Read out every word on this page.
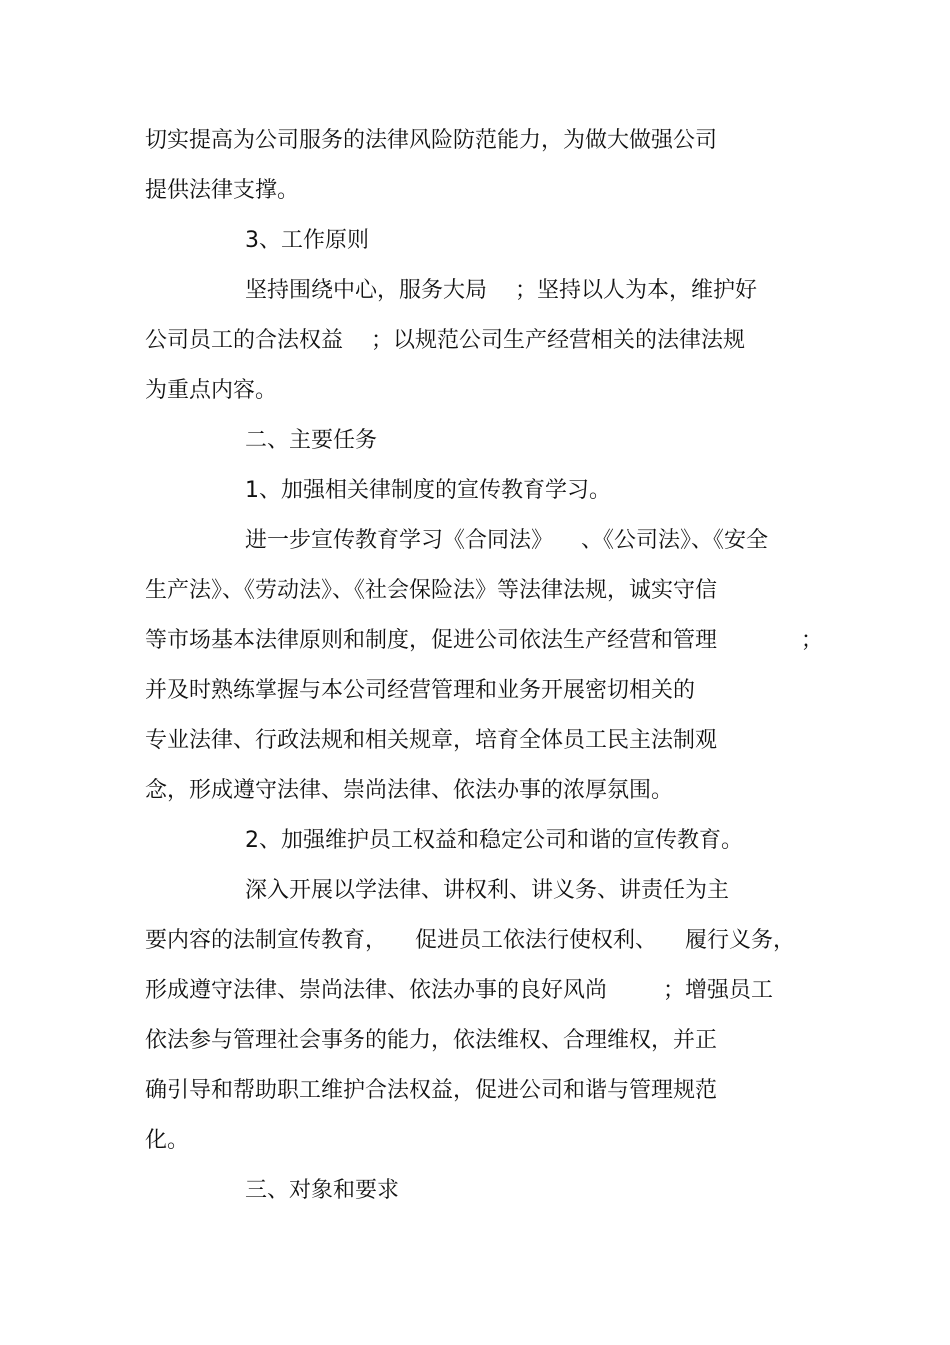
切实提高为公司服务的法律风险防范能力，为做大做强公司
提供法律支撑。
3、工作原则
坚持围绕中心，服务大局    ；坚持以人为本，维护好
公司员工的合法权益    ；以规范公司生产经营相关的法律法规
为重点内容。
二、主要任务
1、加强相关律制度的宣传教育学习。
进一步宣传教育学习《合同法》    、《公司法》、《安全
生产法》、《劳动法》、《社会保险法》等法律法规，诚实守信
等市场基本法律原则和制度，促进公司依法生产经营和管理            ；
并及时熟练掌握与本公司经营管理和业务开展密切相关的
专业法律、行政法规和相关规章，培育全体员工民主法制观
念，形成遵守法律、崇尚法律、依法办事的浓厚氛围。
2、加强维护员工权益和稳定公司和谐的宣传教育。
深入开展以学法律、讲权利、讲义务、讲责任为主
要内容的法制宣传教育，    促进员工依法行使权利、    履行义务，
形成遵守法律、崇尚法律、依法办事的良好风尚        ；增强员工
依法参与管理社会事务的能力，依法维权、合理维权，并正
确引导和帮助职工维护合法权益，促进公司和谐与管理规范
化。
三、对象和要求
